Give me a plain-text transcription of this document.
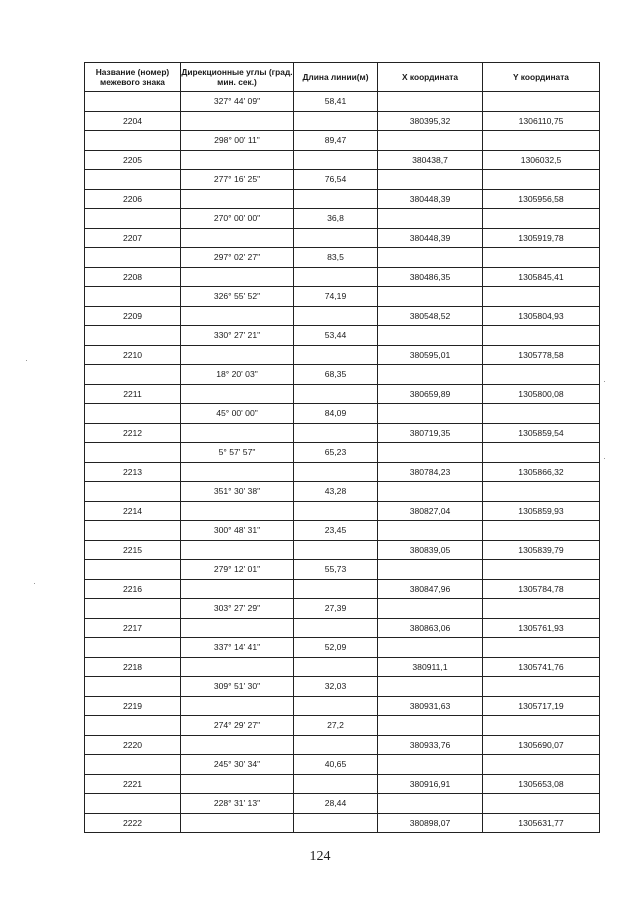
Название (номер) межевого знака	Дирекционные углы (град. мин. сек.)	Длина линии(м)	X координата	Y координата
	327° 44' 09"	58,41		
2204			380395,32	1306110,75
	298° 00' 11"	89,47		
2205			380438,7	1306032,5
	277° 16' 25"	76,54		
2206			380448,39	1305956,58
	270° 00' 00"	36,8		
2207			380448,39	1305919,78
	297° 02' 27"	83,5		
2208			380486,35	1305845,41
	326° 55' 52"	74,19		
2209			380548,52	1305804,93
	330° 27' 21"	53,44		
2210			380595,01	1305778,58
	18° 20' 03"	68,35		
2211			380659,89	1305800,08
	45° 00' 00"	84,09		
2212			380719,35	1305859,54
	5° 57' 57"	65,23		
2213			380784,23	1305866,32
	351° 30' 38"	43,28		
2214			380827,04	1305859,93
	300° 48' 31"	23,45		
2215			380839,05	1305839,79
	279° 12' 01"	55,73		
2216			380847,96	1305784,78
	303° 27' 29"	27,39		
2217			380863,06	1305761,93
	337° 14' 41"	52,09		
2218			380911,1	1305741,76
	309° 51' 30"	32,03		
2219			380931,63	1305717,19
	274° 29' 27"	27,2		
2220			380933,76	1305690,07
	245° 30' 34"	40,65		
2221			380916,91	1305653,08
	228° 31' 13"	28,44		
2222			380898,07	1305631,77
124
